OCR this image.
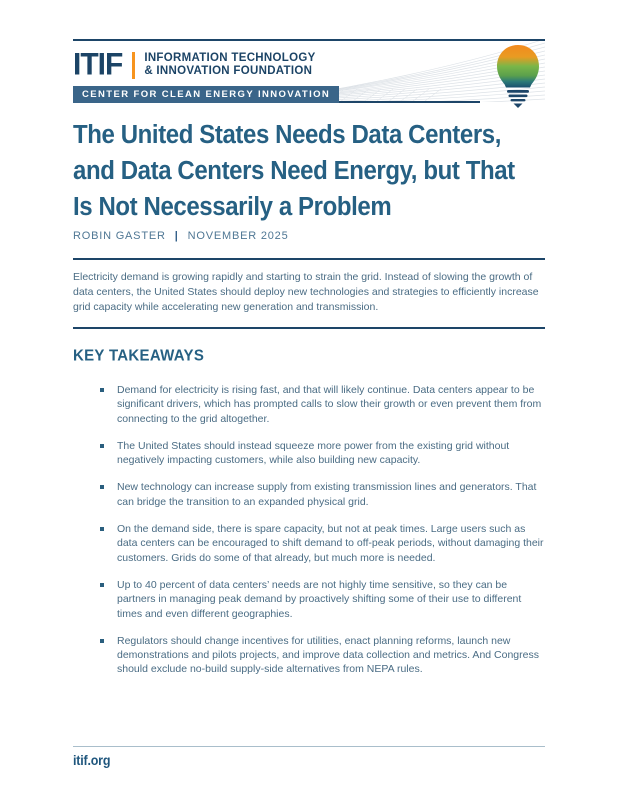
ITIF INFORMATION TECHNOLOGY
& INNOVATION FOUNDATION
CENTER FOR CLEAN ENERGY INNOVATION
The United States Needs Data Centers,
and Data Centers Need Energy, but That
Is Not Necessarily a Problem
ROBIN GASTER | NOVEMBER 2025

Electricity demand is growing rapidly and starting to strain the grid. Instead of slowing the growth of data centers, the United States should deploy new technologies and strategies to efficiently increase grid capacity while accelerating new generation and transmission.

KEY TAKEAWAYS
Demand for electricity is rising fast, and that will likely continue. Data centers appear to be significant drivers, which has prompted calls to slow their growth or even prevent them from connecting to the grid altogether.
The United States should instead squeeze more power from the existing grid without negatively impacting customers, while also building new capacity.
New technology can increase supply from existing transmission lines and generators. That can bridge the transition to an expanded physical grid.
On the demand side, there is spare capacity, but not at peak times. Large users such as data centers can be encouraged to shift demand to off-peak periods, without damaging their customers. Grids do some of that already, but much more is needed.
Up to 40 percent of data centers’ needs are not highly time sensitive, so they can be partners in managing peak demand by proactively shifting some of their use to different times and even different geographies.
Regulators should change incentives for utilities, enact planning reforms, launch new demonstrations and pilots projects, and improve data collection and metrics. And Congress should exclude no-build supply-side alternatives from NEPA rules.
itif.org
